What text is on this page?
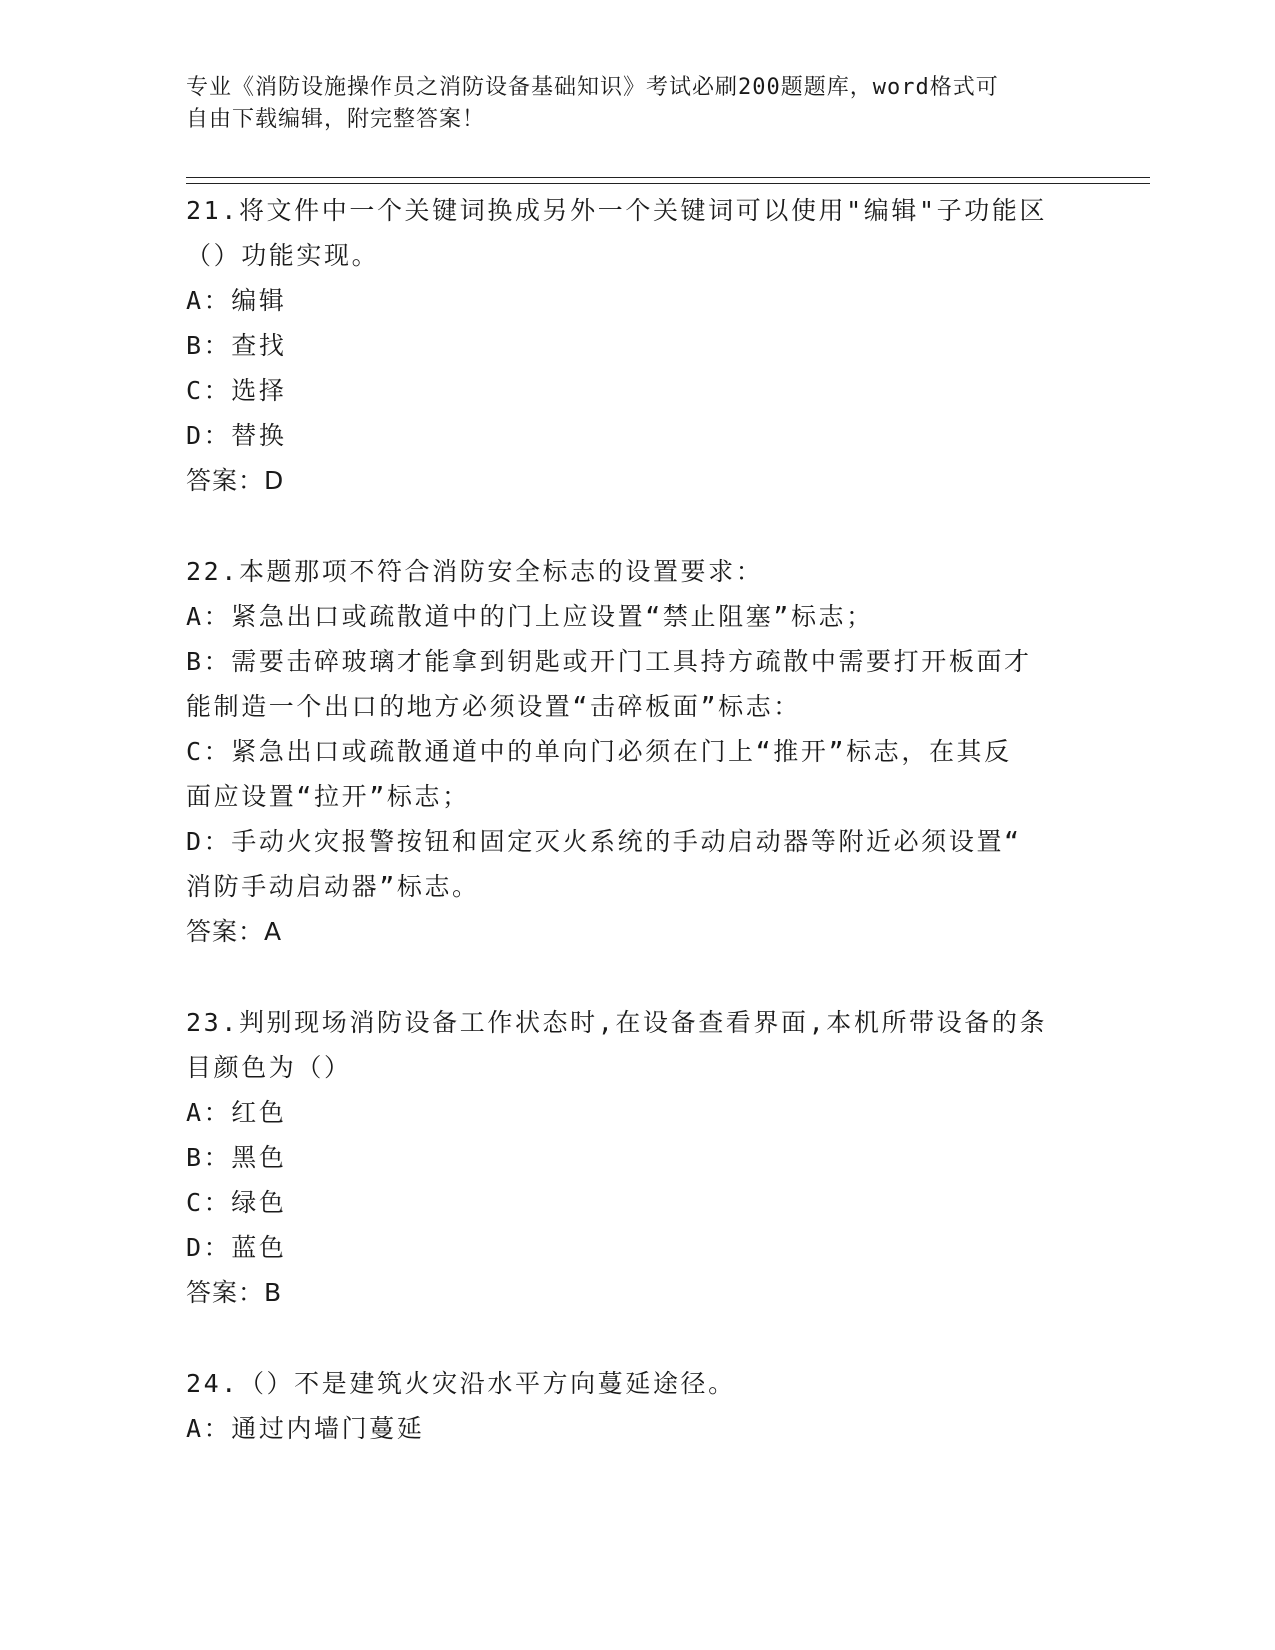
专业《消防设施操作员之消防设备基础知识》考试必刷200题题库，word格式可
自由下载编辑，附完整答案！
21.将文件中一个关键词换成另外一个关键词可以使用"编辑"子功能区
（）功能实现。
A：编辑
B：查找
C：选择
D：替换
答案：D
22.本题那项不符合消防安全标志的设置要求：
A：紧急出口或疏散道中的门上应设置“禁止阻塞”标志；
B：需要击碎玻璃才能拿到钥匙或开门工具持方疏散中需要打开板面才
能制造一个出口的地方必须设置“击碎板面”标志：
C：紧急出口或疏散通道中的单向门必须在门上“推开”标志，在其反
面应设置“拉开”标志；
D：手动火灾报警按钮和固定灭火系统的手动启动器等附近必须设置“
消防手动启动器”标志。
答案：A
23.判别现场消防设备工作状态时,在设备查看界面,本机所带设备的条
目颜色为（）
A：红色
B：黑色
C：绿色
D：蓝色
答案：B
24.（）不是建筑火灾沿水平方向蔓延途径。
A：通过内墙门蔓延
